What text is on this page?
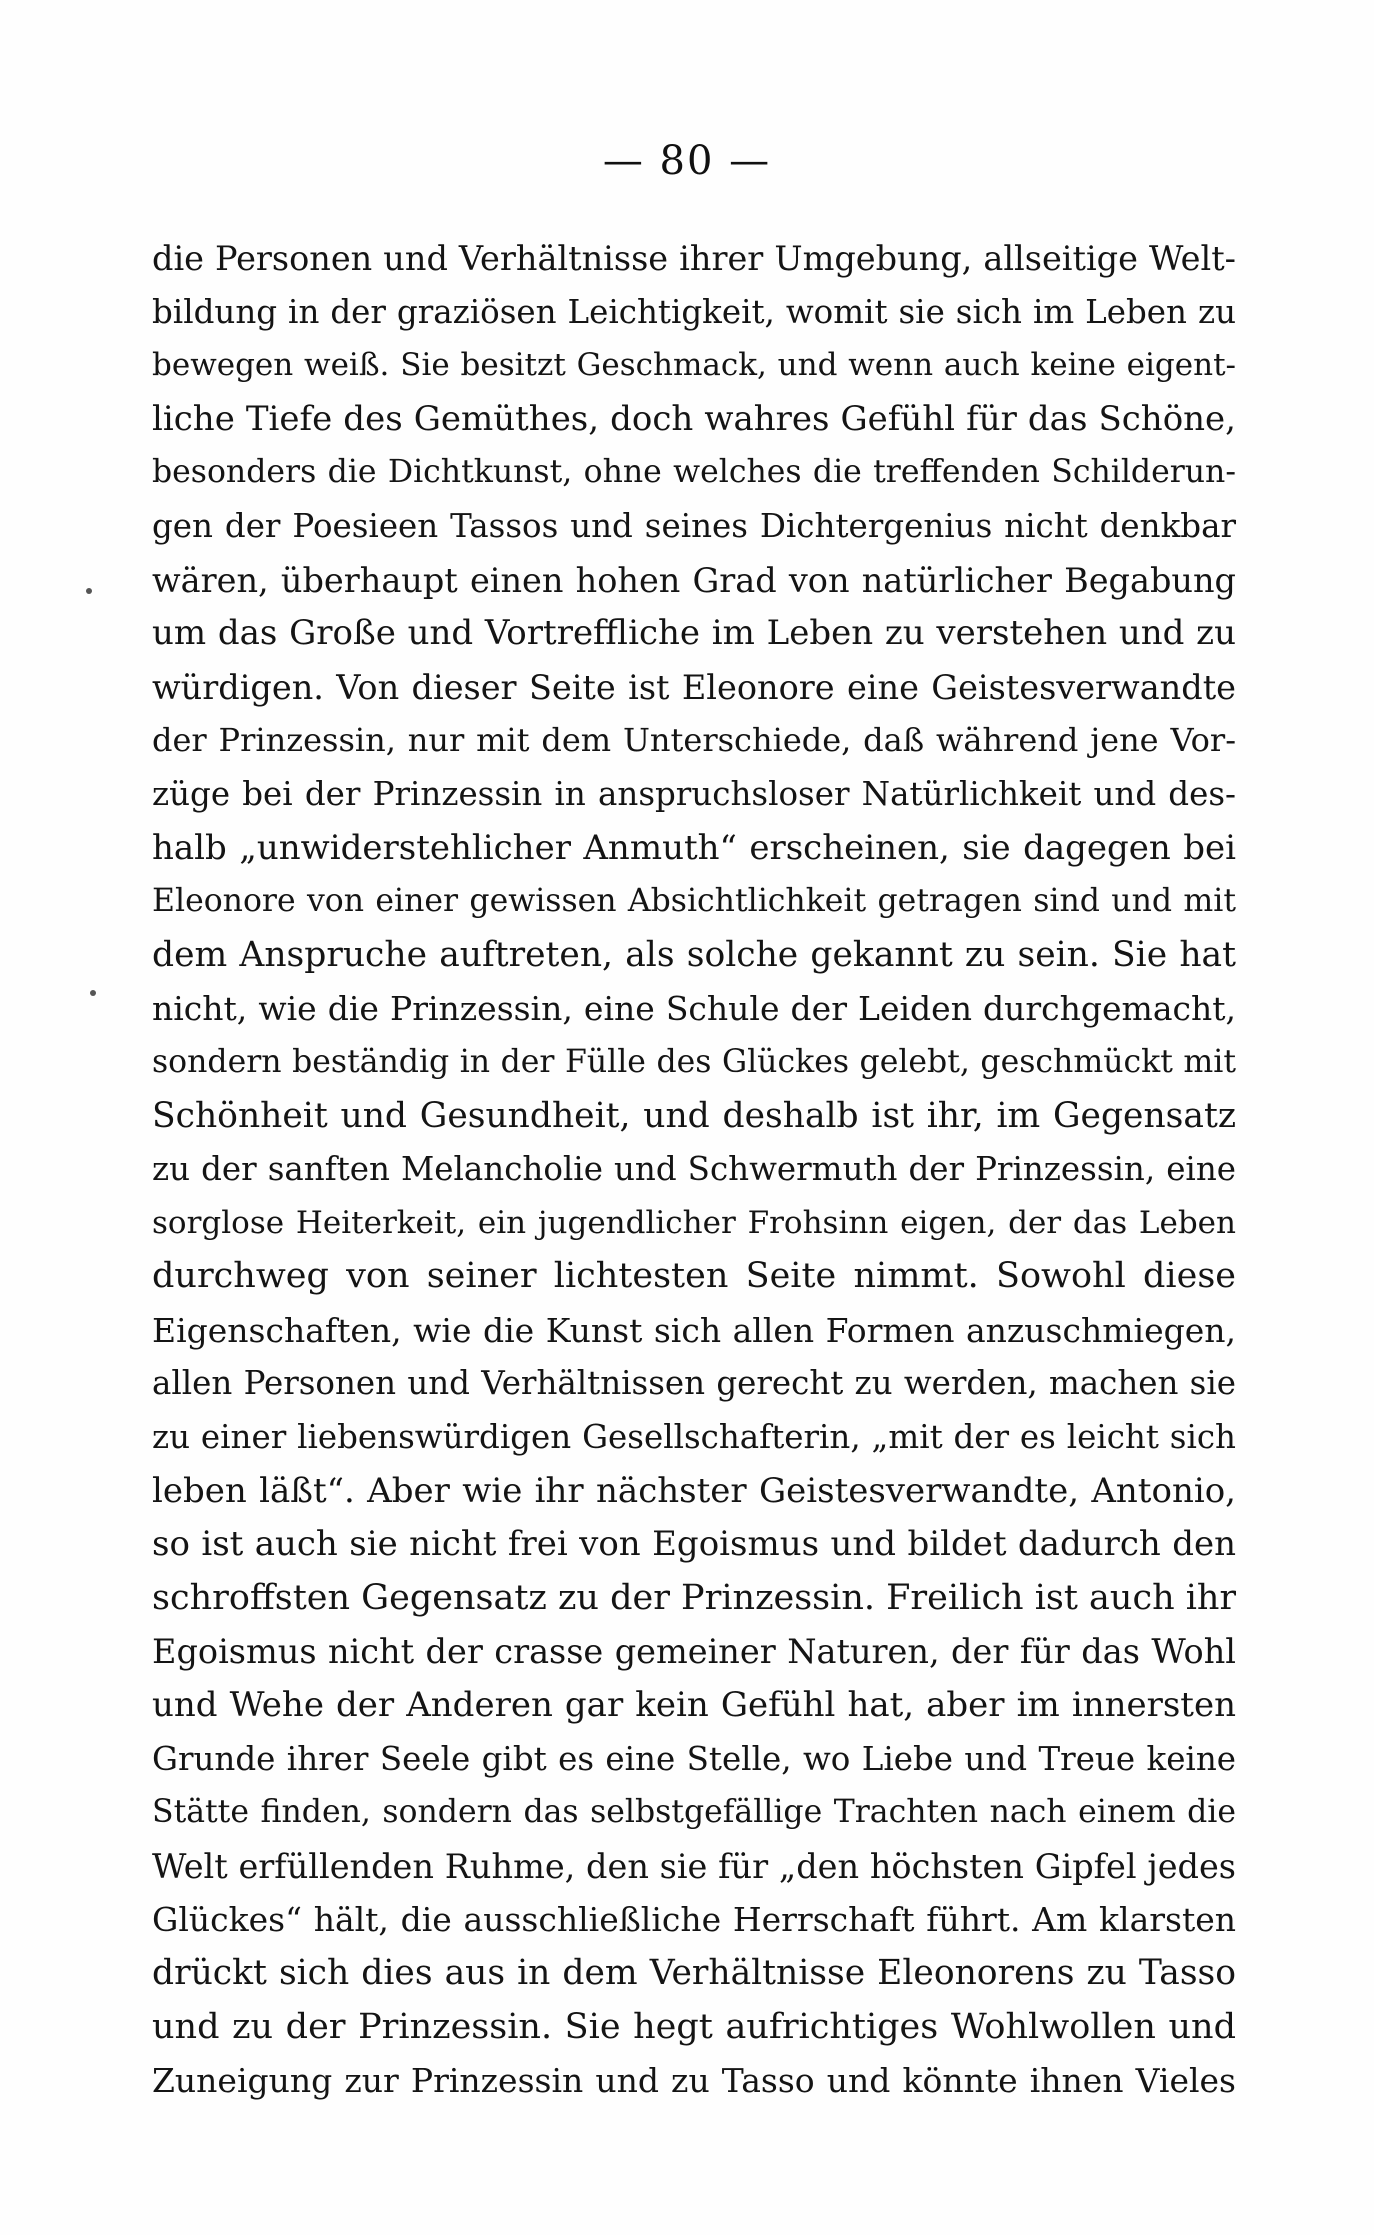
— 80 —
die Personen und Verhältnisse ihrer Umgebung, allseitige Welt-
bildung in der graziösen Leichtigkeit, womit sie sich im Leben zu
bewegen weiß. Sie besitzt Geschmack, und wenn auch keine eigent-
liche Tiefe des Gemüthes, doch wahres Gefühl für das Schöne,
besonders die Dichtkunst, ohne welches die treffenden Schilderun-
gen der Poesieen Tassos und seines Dichtergenius nicht denkbar
wären, überhaupt einen hohen Grad von natürlicher Begabung
um das Große und Vortreffliche im Leben zu verstehen und zu
würdigen. Von dieser Seite ist Eleonore eine Geistesverwandte
der Prinzessin, nur mit dem Unterschiede, daß während jene Vor-
züge bei der Prinzessin in anspruchsloser Natürlichkeit und des-
halb „unwiderstehlicher Anmuth“ erscheinen, sie dagegen bei
Eleonore von einer gewissen Absichtlichkeit getragen sind und mit
dem Anspruche auftreten, als solche gekannt zu sein. Sie hat
nicht, wie die Prinzessin, eine Schule der Leiden durchgemacht,
sondern beständig in der Fülle des Glückes gelebt, geschmückt mit
Schönheit und Gesundheit, und deshalb ist ihr, im Gegensatz
zu der sanften Melancholie und Schwermuth der Prinzessin, eine
sorglose Heiterkeit, ein jugendlicher Frohsinn eigen, der das Leben
durchweg von seiner lichtesten Seite nimmt. Sowohl diese
Eigenschaften, wie die Kunst sich allen Formen anzuschmiegen,
allen Personen und Verhältnissen gerecht zu werden, machen sie
zu einer liebenswürdigen Gesellschafterin, „mit der es leicht sich
leben läßt“. Aber wie ihr nächster Geistesverwandte, Antonio,
so ist auch sie nicht frei von Egoismus und bildet dadurch den
schroffsten Gegensatz zu der Prinzessin. Freilich ist auch ihr
Egoismus nicht der crasse gemeiner Naturen, der für das Wohl
und Wehe der Anderen gar kein Gefühl hat, aber im innersten
Grunde ihrer Seele gibt es eine Stelle, wo Liebe und Treue keine
Stätte finden, sondern das selbstgefällige Trachten nach einem die
Welt erfüllenden Ruhme, den sie für „den höchsten Gipfel jedes
Glückes“ hält, die ausschließliche Herrschaft führt. Am klarsten
drückt sich dies aus in dem Verhältnisse Eleonorens zu Tasso
und zu der Prinzessin. Sie hegt aufrichtiges Wohlwollen und
Zuneigung zur Prinzessin und zu Tasso und könnte ihnen Vieles
